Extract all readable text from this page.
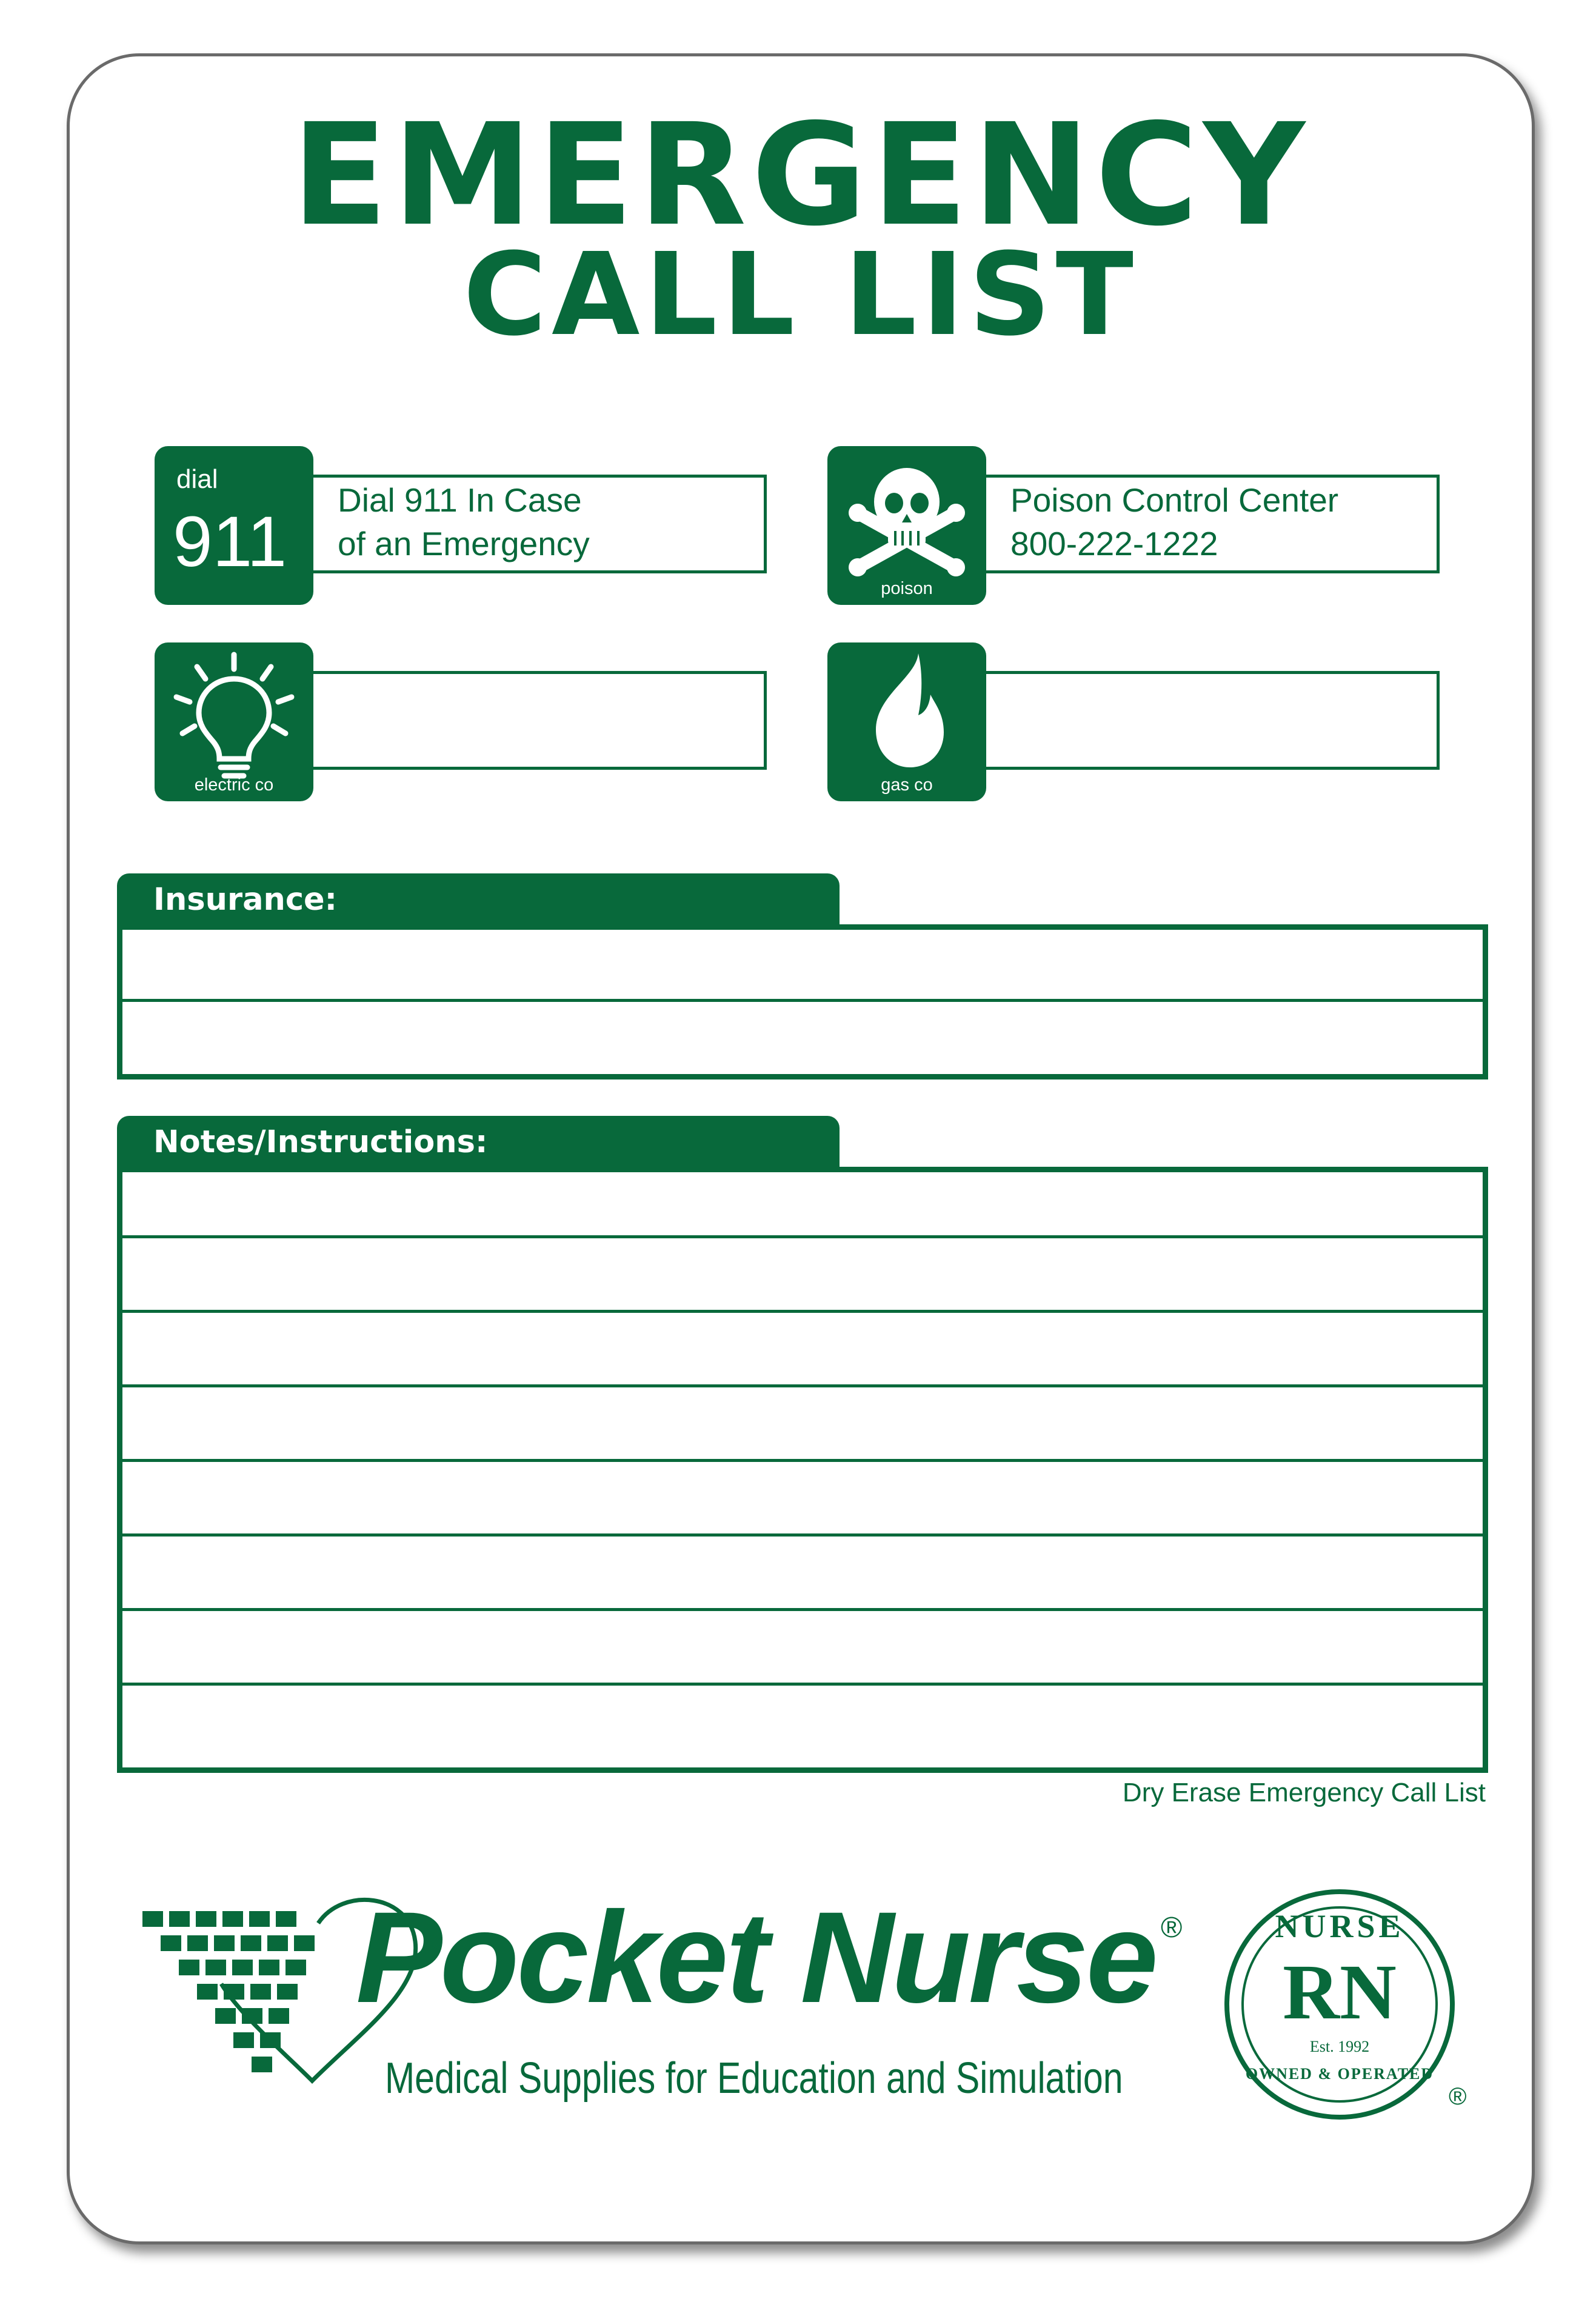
EMERGENCY
CALL LIST
dial
911
Dial 911 In Case
of an Emergency
poison
Poison Control Center
800-222-1222
electric co	gas co
Insurance:
Notes/Instructions:
Dry Erase Emergency Call List
Pocket Nurse ®
Medical Supplies for Education and Simulation
NURSE
RN
Est. 1992
OWNED & OPERATED
®
